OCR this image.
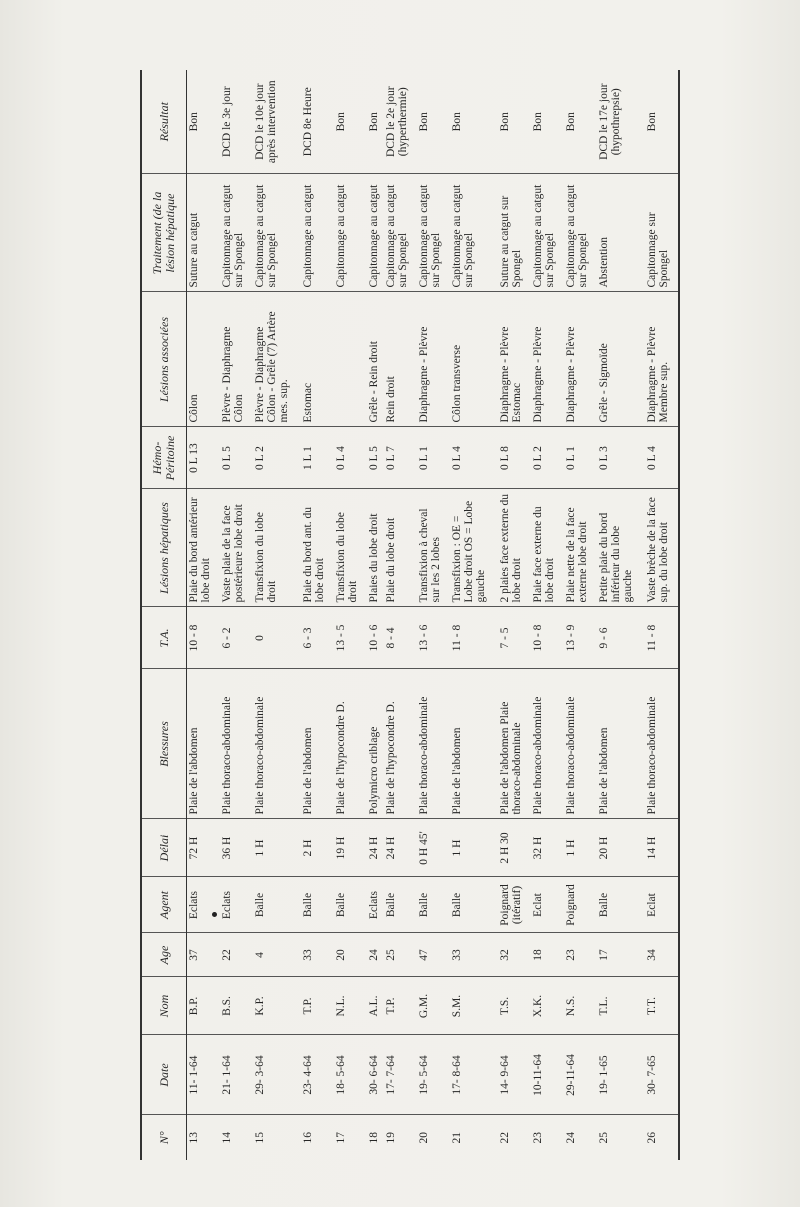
N°	Date	Nom	Age	Agent	Délai	Blessures	T.A.	Lésions hépatiques	Hémo-Péritoine	Lésions associées	Traitement (de la lésion hépatique	Résultat
13	11- 1-64	B.P.	37	Eclats	72 H	Plaie de l'abdomen	10 - 8	Plaie du bord antérieur lobe droit	0 L 13	Côlon	Suture au catgut	Bon
14	21- 1-64	B.S.	22	Eclats	36 H	Plaie thoraco-abdominale	6 - 2	Vaste plaie de la face postérieure lobe droit	0 L 5	Plèvre - Diaphragme Côlon	Capitonnage au catgut sur Spongel	DCD le 3e jour
15	29- 3-64	K.P.	4	Balle	1 H	Plaie thoraco-abdominale	0	Transfixion du lobe droit	0 L 2	Plèvre - Diaphragme Côlon - Grêle (7) Artère mes. sup.	Capitonnage au catgut sur Spongel	DCD le 10e jour après intervention
16	23- 4-64	T.P.	33	Balle	2 H	Plaie de l'abdomen	6 - 3	Plaie du bord ant. du lobe droit	1 L 1	Estomac	Capitonnage au catgut	DCD 8e Heure
17	18- 5-64	N.L.	20	Balle	19 H	Plaie de l'hypocondre D.	13 - 5	Transfixion du lobe droit	0 L 4		Capitonnage au catgut	Bon
18	30- 6-64	A.L.	24	Eclats	24 H	Polymicro criblage	10 - 6	Plaies du lobe droit	0 L 5	Grêle - Rein droit	Capitonnage au catgut	Bon
19	17- 7-64	T.P.	25	Balle	24 H	Plaie de l'hypocondre D.	8 - 4	Plaie du lobe droit	0 L 7	Rein droit	Capitonnage au catgut sur Spongel	DCD le 2e jour (hyperthermie)
20	19- 5-64	G.M.	47	Balle	0 H 45'	Plaie thoraco-abdominale	13 - 6	Transfixion à cheval sur les 2 lobes	0 L 1	Diaphragme - Plèvre	Capitonnage au catgut sur Spongel	Bon
21	17- 8-64	S.M.	33	Balle	1 H	Plaie de l'abdomen	11 - 8	Transfixion : OE = Lobe droit OS = Lobe gauche	0 L 4	Côlon transverse	Capitonnage au catgut sur Spongel	Bon
22	14- 9-64	T.S.	32	Poignard (itératif)	2 H 30	Plaie de l'abdomen Plaie thoraco-abdominale	7 - 5	2 plaies face externe du lobe droit	0 L 8	Diaphragme - Plèvre Estomac	Suture au catgut sur Spongel	Bon
23	10-11-64	X.K.	18	Eclat	32 H	Plaie thoraco-abdominale	10 - 8	Plaie face externe du lobe droit	0 L 2	Diaphragme - Plèvre	Capitonnage au catgut sur Spongel	Bon
24	29-11-64	N.S.	23	Poignard	1 H	Plaie thoraco-abdominale	13 - 9	Plaie nette de la face externe lobe droit	0 L 1	Diaphragme - Plèvre	Capitonnage au catgut sur Spongel	Bon
25	19- 1-65	T.L.	17	Balle	20 H	Plaie de l'abdomen	9 - 6	Petite plaie du bord inférieur du lobe gauche	0 L 3	Grêle - Sigmoïde	Abstention	DCD le 17e jour (hypothrepsie)
26	30- 7-65	T.T.	34	Eclat	14 H	Plaie thoraco-abdominale	11 - 8	Vaste brèche de la face sup. du lobe droit	0 L 4	Diaphragme - Plèvre Membre sup.	Capitonnage sur Spongel	Bon
